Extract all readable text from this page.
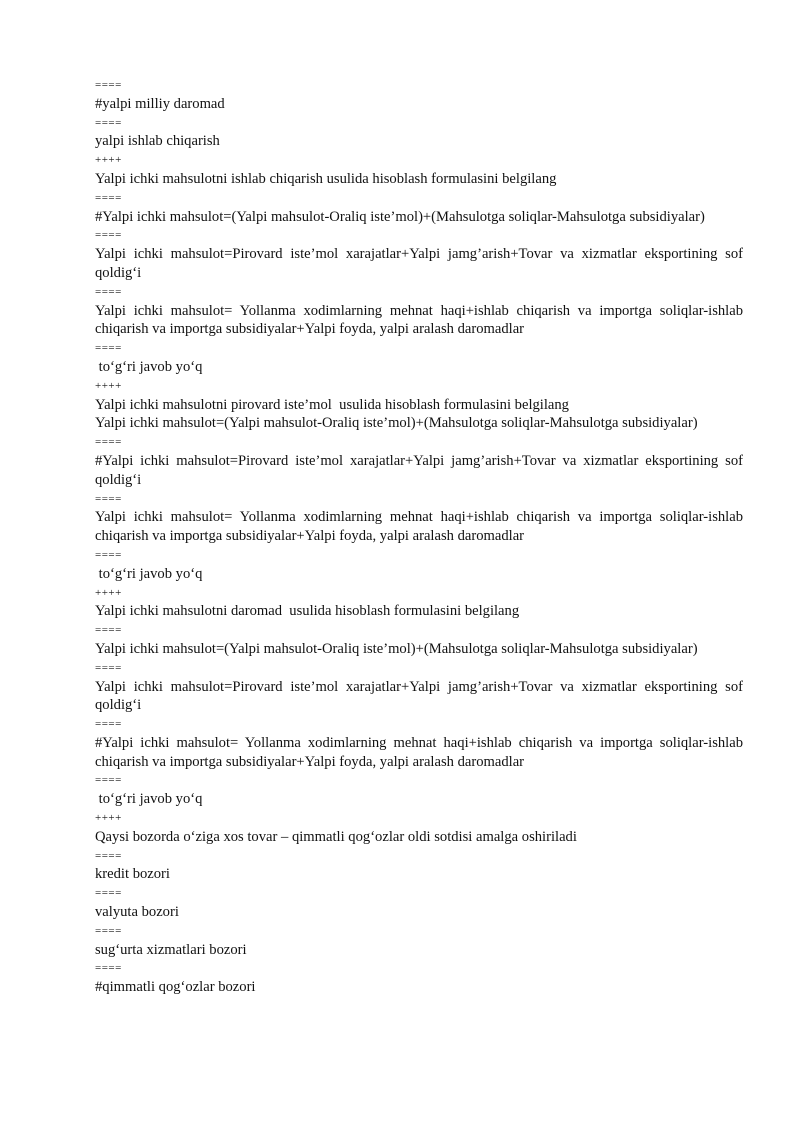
====
#yalpi milliy daromad
====
yalpi ishlab chiqarish
++++
Yalpi ichki mahsulotni ishlab chiqarish usulida hisoblash formulasini belgilang
====
#Yalpi ichki mahsulot=(Yalpi mahsulot-Oraliq iste’mol)+(Mahsulotga soliqlar-Mahsulotga subsidiyalar)
====
Yalpi ichki mahsulot=Pirovard iste’mol xarajatlar+Yalpi jamg’arish+Tovar va xizmatlar eksportining sof qoldig‘i
====
Yalpi ichki mahsulot= Yollanma xodimlarning mehnat haqi+ishlab chiqarish va importga soliqlar-ishlab chiqarish va importga subsidiyalar+Yalpi foyda, yalpi aralash daromadlar
====
to‘g‘ri javob yo‘q
++++
Yalpi ichki mahsulotni pirovard iste’mol  usulida hisoblash formulasini belgilang
Yalpi ichki mahsulot=(Yalpi mahsulot-Oraliq iste’mol)+(Mahsulotga soliqlar-Mahsulotga subsidiyalar)
====
#Yalpi ichki mahsulot=Pirovard iste’mol xarajatlar+Yalpi jamg’arish+Tovar va xizmatlar eksportining sof qoldig‘i
====
Yalpi ichki mahsulot= Yollanma xodimlarning mehnat haqi+ishlab chiqarish va importga soliqlar-ishlab chiqarish va importga subsidiyalar+Yalpi foyda, yalpi aralash daromadlar
====
to‘g‘ri javob yo‘q
++++
Yalpi ichki mahsulotni daromad  usulida hisoblash formulasini belgilang
====
Yalpi ichki mahsulot=(Yalpi mahsulot-Oraliq iste’mol)+(Mahsulotga soliqlar-Mahsulotga subsidiyalar)
====
Yalpi ichki mahsulot=Pirovard iste’mol xarajatlar+Yalpi jamg’arish+Tovar va xizmatlar eksportining sof qoldig‘i
====
#Yalpi ichki mahsulot= Yollanma xodimlarning mehnat haqi+ishlab chiqarish va importga soliqlar-ishlab chiqarish va importga subsidiyalar+Yalpi foyda, yalpi aralash daromadlar
====
to‘g‘ri javob yo‘q
++++
Qaysi bozorda o‘ziga xos tovar – qimmatli qog‘ozlar oldi sotdisi amalga oshiriladi
====
kredit bozori
====
valyuta bozori
====
sug‘urta xizmatlari bozori
====
#qimmatli qog‘ozlar bozori
